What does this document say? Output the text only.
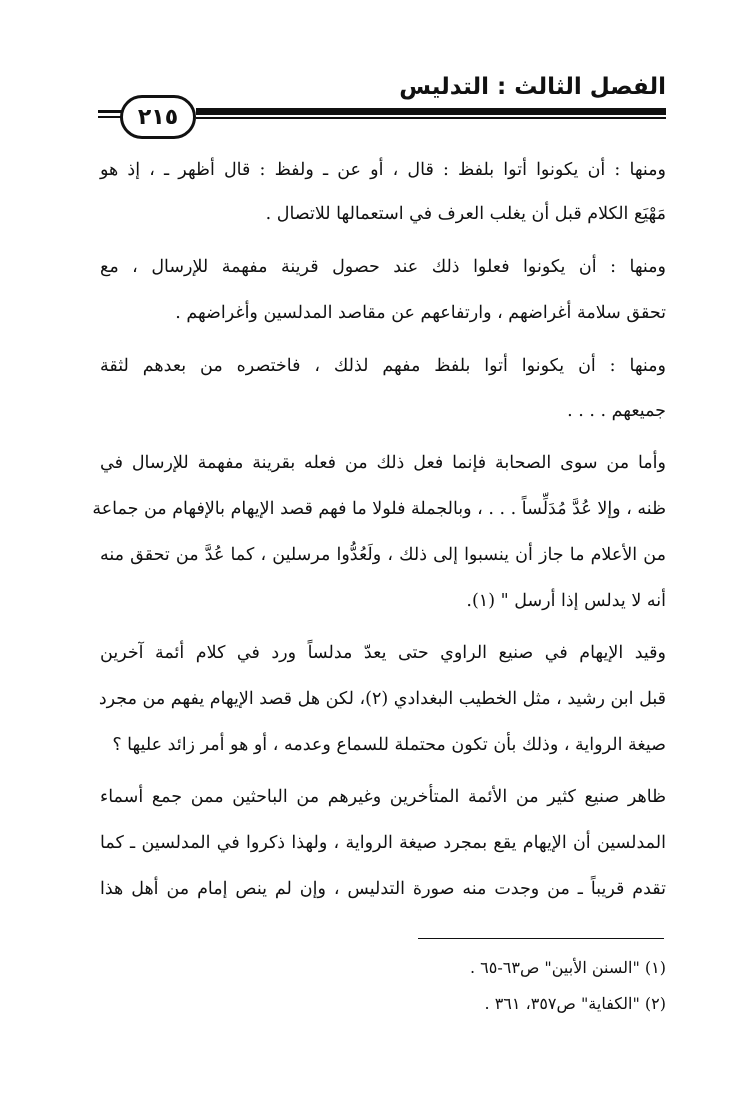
الفصل الثالث : التدليس
٢١٥
ومنها : أن يكونوا أتوا بلفظ : قال ، أو عن ـ ولفظ : قال أظهر ـ ، إذ هو
مَهْيَع الكلام قبل أن يغلب العرف في استعمالها للاتصال .
ومنها : أن يكونوا فعلوا ذلك عند حصول قرينة مفهمة للإرسال ، مع
تحقق سلامة أغراضهم ، وارتفاعهم عن مقاصد المدلسين وأغراضهم .
ومنها : أن يكونوا أتوا بلفظ مفهم لذلك ، فاختصره من بعدهم لثقة
جميعهم . . . .
وأما من سوى الصحابة فإنما فعل ذلك من فعله بقرينة مفهمة للإرسال في
ظنه ، وإلا عُدَّ مُدَلِّساً . . . ، وبالجملة فلولا ما فهم قصد الإيهام بالإفهام من جماعة
من الأعلام ما جاز أن ينسبوا إلى ذلك ، ولَعُدُّوا مرسلين ، كما عُدَّ من تحقق منه
أنه لا يدلس إذا أرسل " (١).
وقيد الإيهام في صنيع الراوي حتى يعدّ مدلساً ورد في كلام أئمة آخرين
قبل ابن رشيد ، مثل الخطيب البغدادي (٢)، لكن هل قصد الإيهام يفهم من مجرد
صيغة الرواية ، وذلك بأن تكون محتملة للسماع وعدمه ، أو هو أمر زائد عليها ؟
ظاهر صنيع كثير من الأئمة المتأخرين وغيرهم من الباحثين ممن جمع أسماء
المدلسين أن الإيهام يقع بمجرد صيغة الرواية ، ولهذا ذكروا في المدلسين ـ كما
تقدم قريباً ـ من وجدت منه صورة التدليس ، وإن لم ينص إمام من أهل هذا
(١) "السنن الأبين" ص٦٣-٦٥ .
(٢) "الكفاية" ص٣٥٧، ٣٦١ .
